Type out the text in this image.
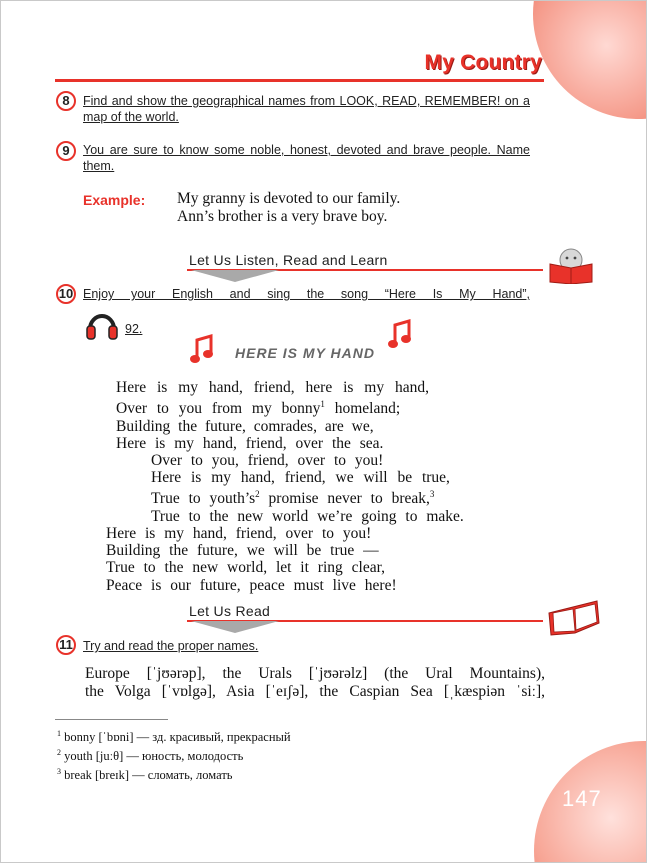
My Country
8	Find and show the geographical names from LOOK, READ, REMEMBER! on a map of the world.
9	You are sure to know some noble, honest, devoted and brave people. Name them.
Example: My granny is devoted to our family.
Ann’s brother is a very brave boy.
Let Us Listen, Read and Learn
10 Enjoy your English and sing the song “Here Is My Hand”,
92.
HERE IS MY HAND
Here is my hand, friend, here is my hand,
Over to you from my bonny$^1$ homeland;
Building the future, comrades, are we,
Here is my hand, friend, over the sea.
Over to you, friend, over to you!
Here is my hand, friend, we will be true,
True to $youth’s^2$ promise never to break,$^3$
True to the new world we’re going to make.
Here is my hand, friend, over to you!
Building the future, we will be true —
True to the new world, let it ring clear,
Peace is our future, peace must live here!
Let Us Read
11 Try and read the proper names.
Europe [ˈjʊərəp], the Urals [ˈjʊərəlz] (the Ural Mountains),
the Volga [ˈvɒlgə], Asia [ˈeɪʃə], the Caspian Sea [ˌkæspiən ˈsiː],
$^1$ bonny [ˈbɒni] — зд. красивый, прекрасный
$^2$ youth [juːθ] — юность, молодость
$^3$ break [breɪk] — сломать, ломать
147
